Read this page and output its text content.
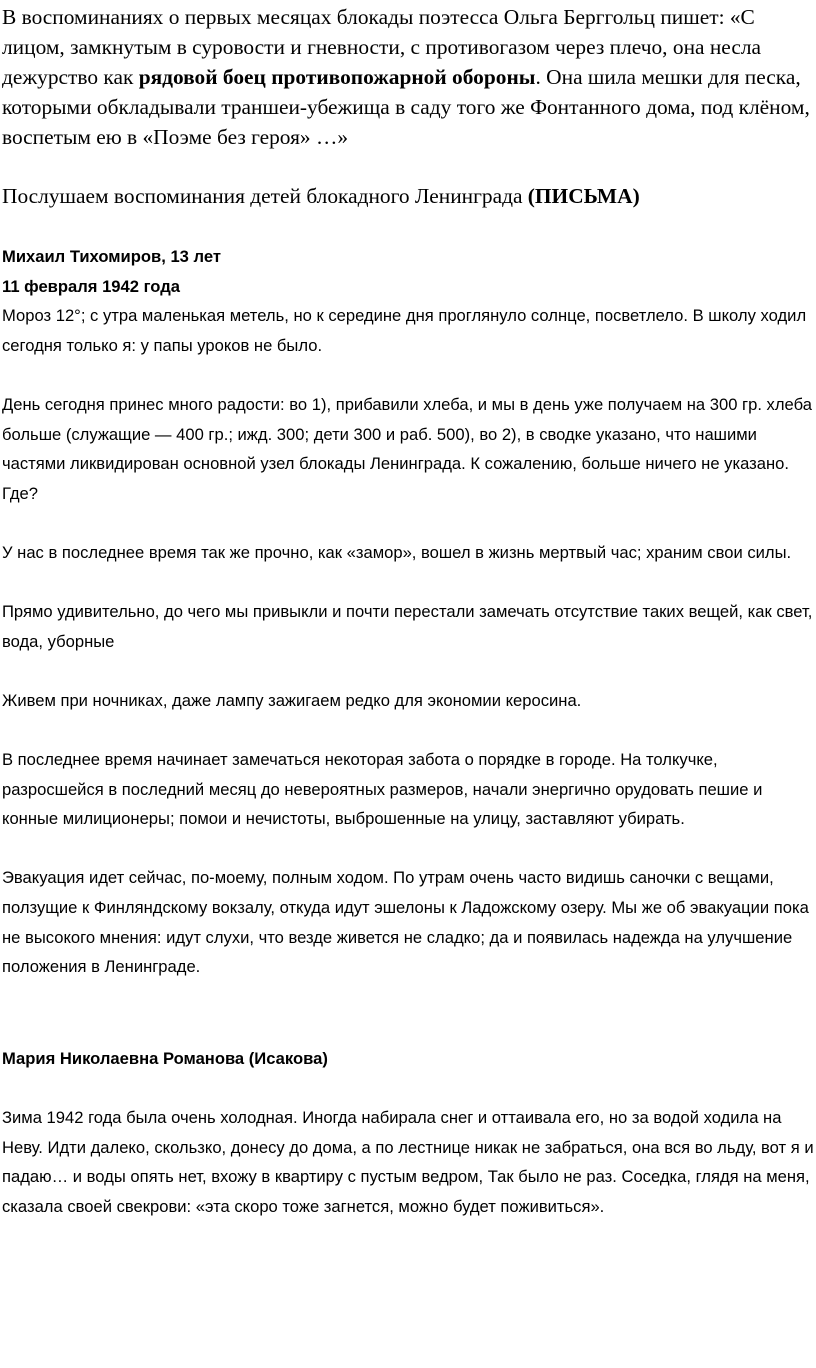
В воспоминаниях о первых месяцах блокады поэтесса Ольга Берггольц пишет: «С лицом, замкнутым в суровости и гневности, с противогазом через плечо, она несла дежурство как рядовой боец противопожарной обороны. Она шила мешки для песка, которыми обкладывали траншеи-убежища в саду того же Фонтанного дома, под клёном, воспетым ею в «Поэме без героя» …»

Послушаем воспоминания детей блокадного Ленинграда (ПИСЬМА)

Михаил Тихомиров, 13 лет

11 февраля 1942 года

Мороз 12°; с утра маленькая метель, но к середине дня проглянуло солнце, посветлело. В школу ходил сегодня только я: у папы уроков не было.

День сегодня принес много радости: во 1), прибавили хлеба, и мы в день уже получаем на 300 гр. хлеба больше (служащие — 400 гр.; ижд. 300; дети 300 и раб. 500), во 2), в сводке указано, что нашими частями ликвидирован основной узел блокады Ленинграда. К сожалению, больше ничего не указано. Где?

У нас в последнее время так же прочно, как «замор», вошел в жизнь мертвый час; храним свои силы.

Прямо удивительно, до чего мы привыкли и почти перестали замечать отсутствие таких вещей, как свет, вода, уборные

Живем при ночниках, даже лампу зажигаем редко для экономии керосина.

В последнее время начинает замечаться некоторая забота о порядке в городе. На толкучке, разросшейся в последний месяц до невероятных размеров, начали энергично орудовать пешие и конные милиционеры; помои и нечистоты, выброшенные на улицу, заставляют убирать.

Эвакуация идет сейчас, по-моему, полным ходом. По утрам очень часто видишь саночки с вещами, ползущие к Финляндскому вокзалу, откуда идут эшелоны к Ладожскому озеру. Мы же об эвакуации пока не высокого мнения: идут слухи, что везде живется не сладко; да и появилась надежда на улучшение положения в Ленинграде.

Мария Николаевна Романова (Исакова)

Зима 1942 года была очень холодная. Иногда набирала снег и оттаивала его, но за водой ходила на Неву. Идти далеко, скользко, донесу до дома, а по лестнице никак не забраться, она вся во льду, вот я и падаю… и воды опять нет, вхожу в квартиру с пустым ведром, Так было не раз. Соседка, глядя на меня, сказала своей свекрови: «эта скоро тоже загнется, можно будет поживиться».
